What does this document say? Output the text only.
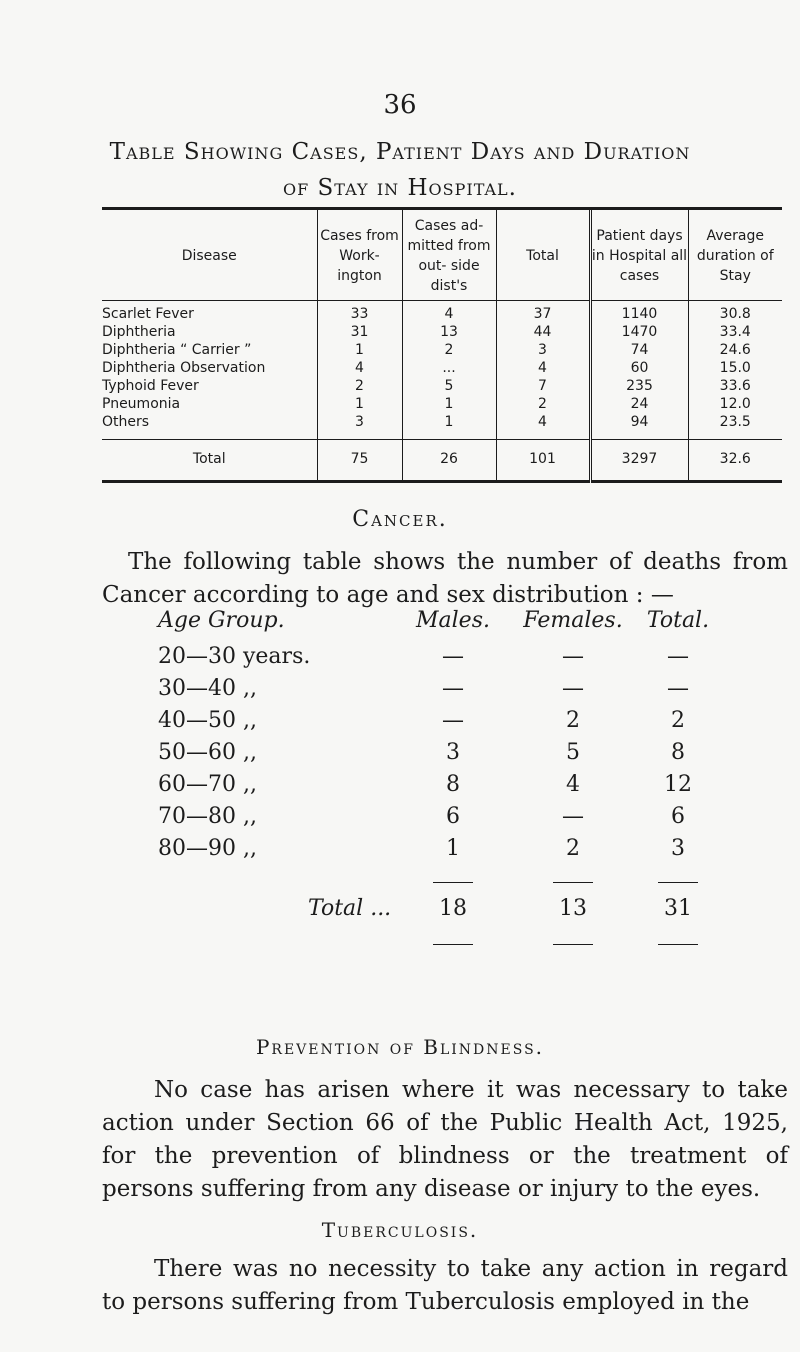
36
Table Showing Cases, Patient Days and Duration
of Stay in Hospital.
Disease	Cases from Work- ington	Cases ad- mitted from out- side dist's	Total	Patient days in Hospital all cases	Average duration of Stay
Scarlet Fever	33	4	37	1140	30.8
Diphtheria	31	13	44	1470	33.4
Diphtheria “ Carrier ”	1	2	3	74	24.6
Diphtheria Observation	4	...	4	60	15.0
Typhoid Fever	2	5	7	235	33.6
Pneumonia	1	1	2	24	12.0
Others	3	1	4	94	23.5
Total	75	26	101	3297	32.6
Cancer.
The following table shows the number of deaths from Cancer according to age and sex distribution : —
Age Group.	Males.	Females.	Total.
20—30 years.	—	—	—
30—40 ,,	—	—	—
40—50 ,,	—	2	2
50—60 ,,	3	5	8
60—70 ,,	8	4	12
70—80 ,,	6	—	6
80—90 ,,	1	2	3
Total ...	18	13	31
Prevention of Blindness.
No case has arisen where it was necessary to take action under Section 66 of the Public Health Act, 1925, for the prevention of blindness or the treatment of persons suffering from any disease or injury to the eyes.
Tuberculosis.
There was no necessity to take any action in regard to persons suffering from Tuberculosis employed in the
